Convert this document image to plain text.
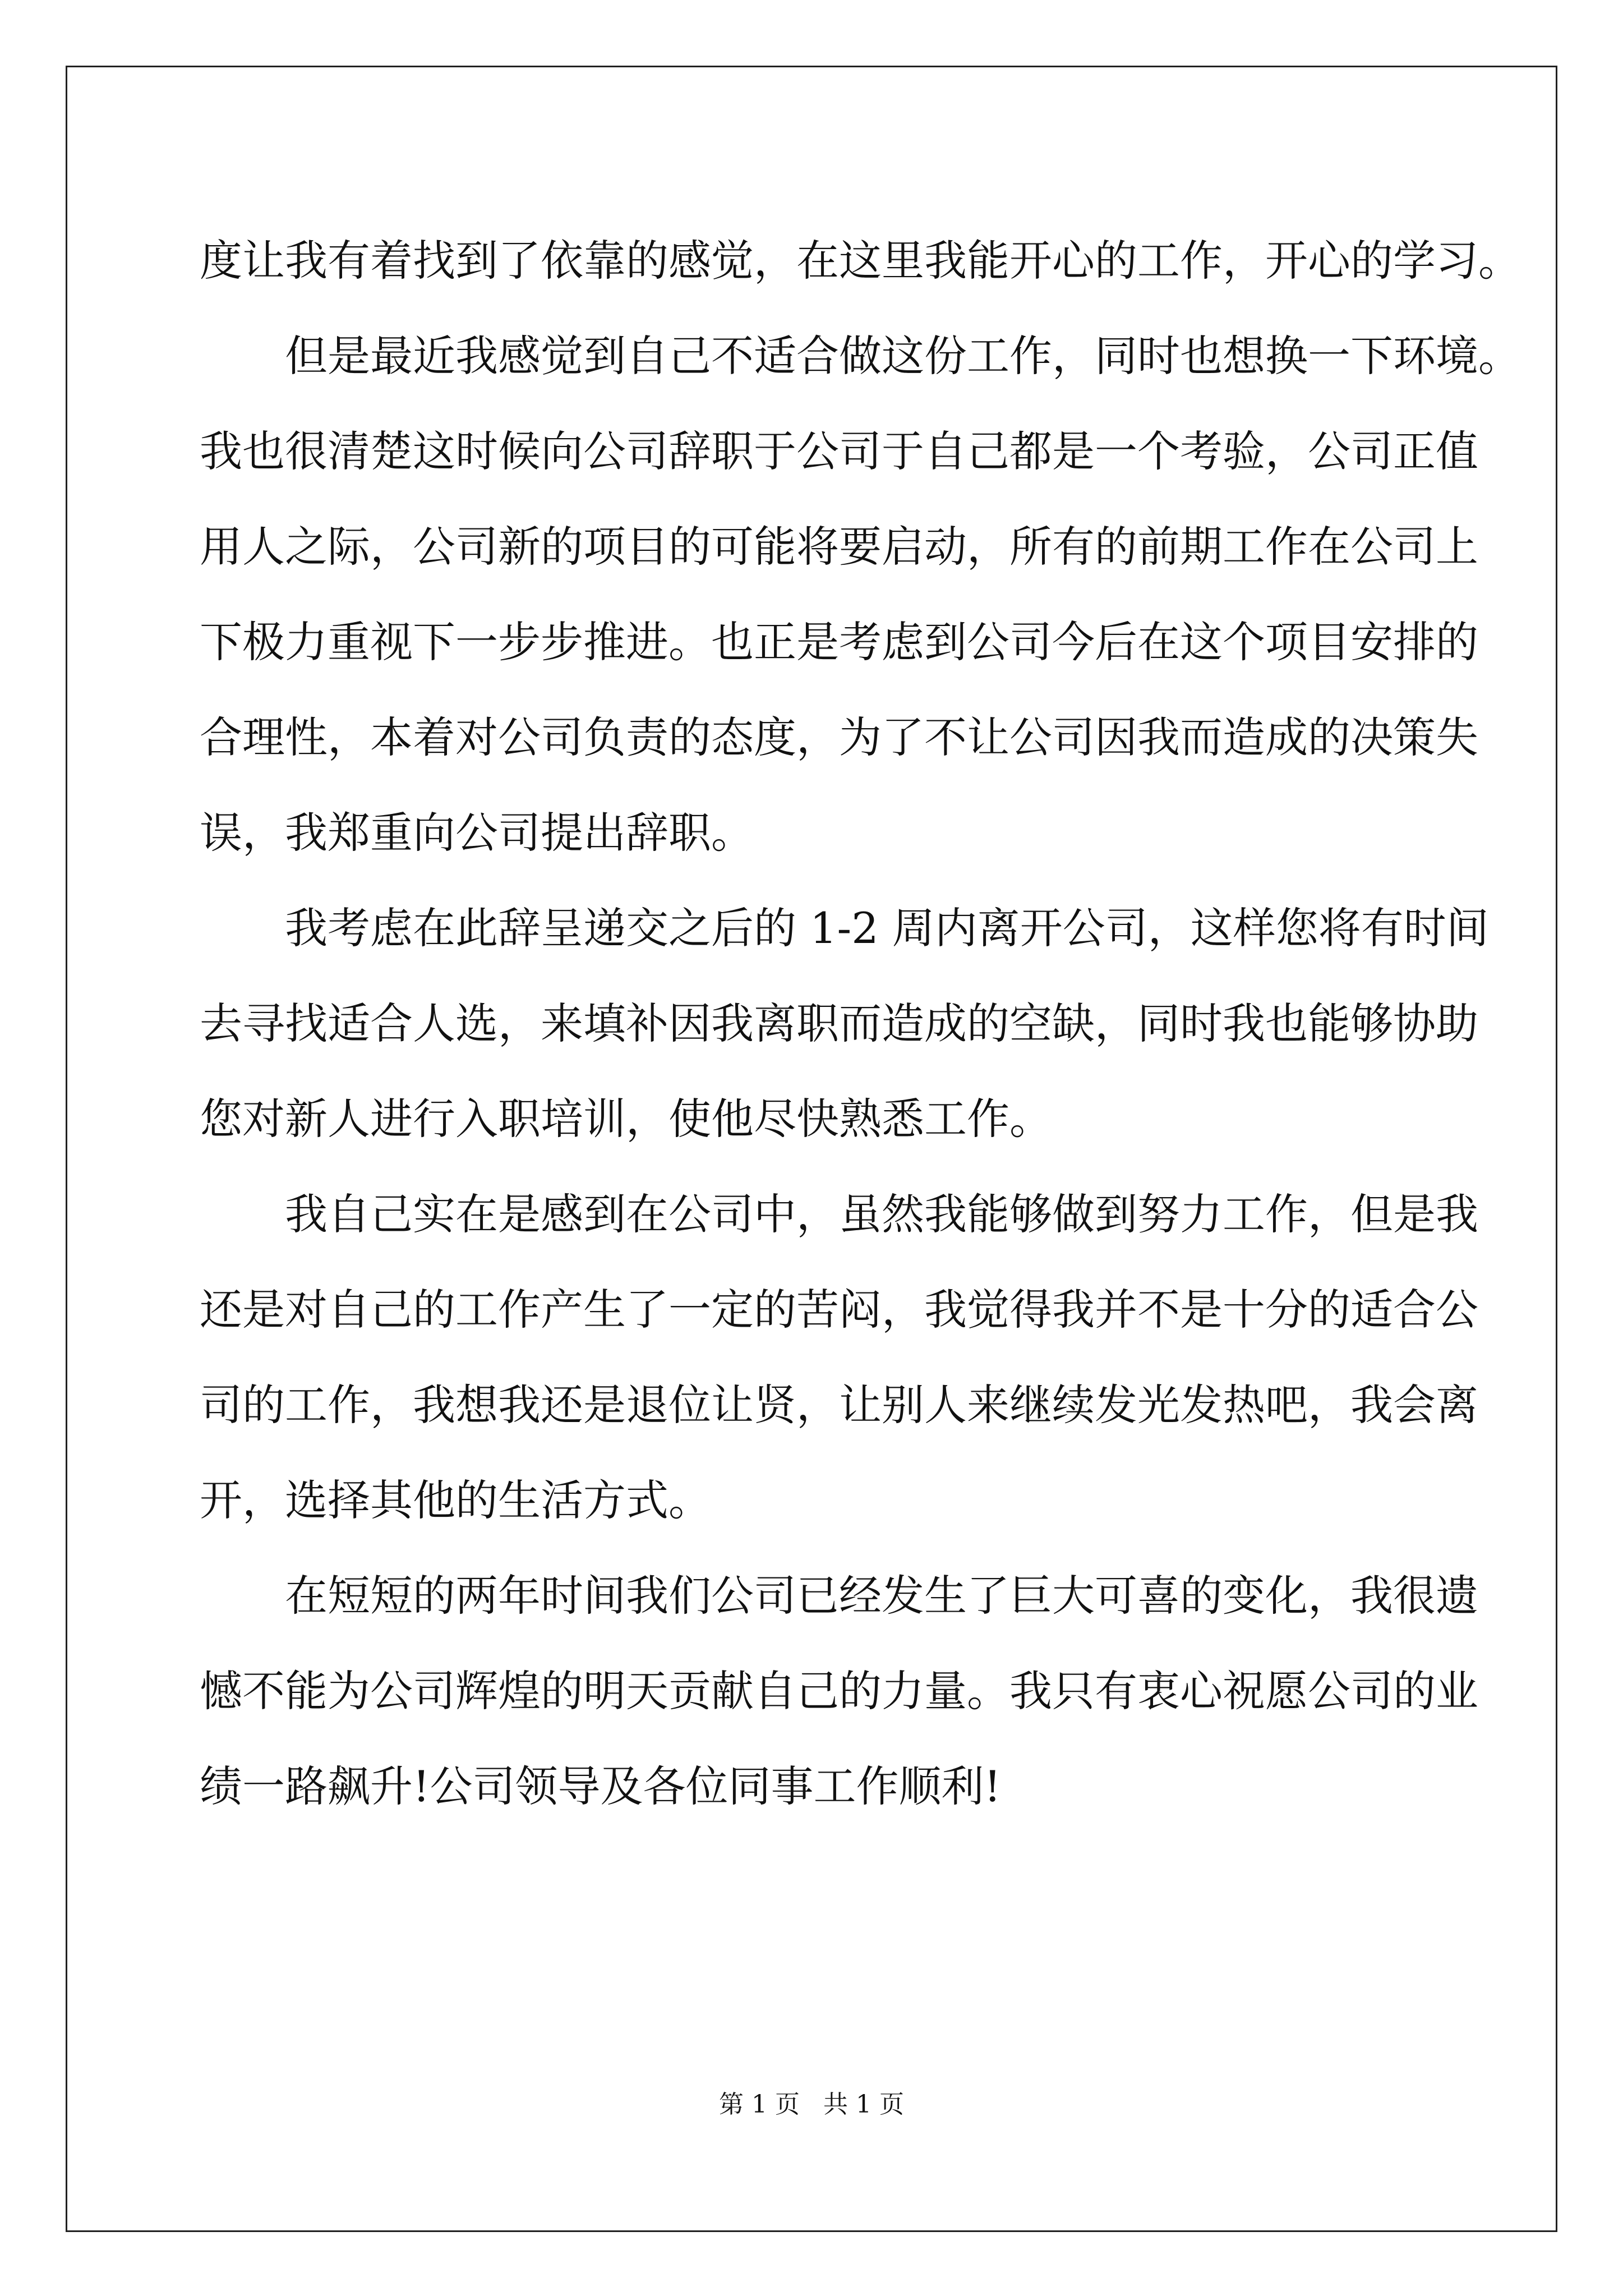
度让我有着找到了依靠的感觉，在这里我能开心的工作，开心的学习。
但是最近我感觉到自己不适合做这份工作，同时也想换一下环境。
我也很清楚这时候向公司辞职于公司于自己都是一个考验，公司正值
用人之际，公司新的项目的可能将要启动，所有的前期工作在公司上
下极力重视下一步步推进。也正是考虑到公司今后在这个项目安排的
合理性，本着对公司负责的态度，为了不让公司因我而造成的决策失
误，我郑重向公司提出辞职。
我考虑在此辞呈递交之后的 1-2 周内离开公司，这样您将有时间
去寻找适合人选，来填补因我离职而造成的空缺，同时我也能够协助
您对新人进行入职培训，使他尽快熟悉工作。
我自己实在是感到在公司中，虽然我能够做到努力工作，但是我
还是对自己的工作产生了一定的苦闷，我觉得我并不是十分的适合公
司的工作，我想我还是退位让贤，让别人来继续发光发热吧，我会离
开，选择其他的生活方式。
在短短的两年时间我们公司已经发生了巨大可喜的变化，我很遗
憾不能为公司辉煌的明天贡献自己的力量。我只有衷心祝愿公司的业
绩一路飙升!公司领导及各位同事工作顺利!
第 1 页   共 1 页
